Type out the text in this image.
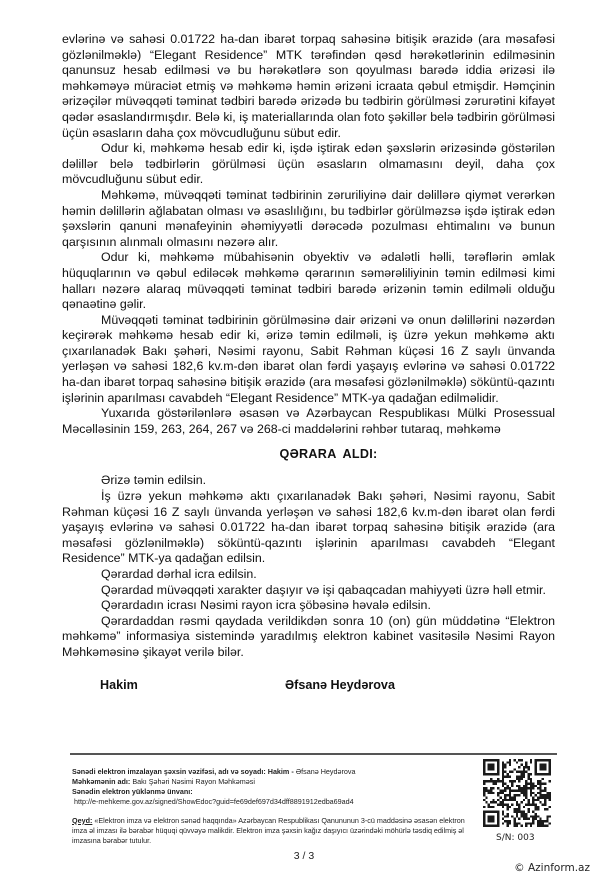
evlərinə və sahəsi 0.01722 ha-dan ibarət torpaq sahəsinə bitişik ərazidə (ara məsafəsi gözlənilməklə) “Elegant Residence” MTK tərəfindən qəsd hərəkətlərinin edilməsinin qanunsuz hesab edilməsi və bu hərəkətlərə son qoyulması barədə iddia ərizəsi ilə məhkəməyə müraciət etmiş və məhkəmə həmin ərizəni icraata qəbul etmişdir. Həmçinin ərizəçilər müvəqqəti təminat tədbiri barədə ərizədə bu tədbirin görülməsi zərurətini kifayət qədər əsaslandırmışdır. Belə ki, iş materiallarında olan foto şəkillər belə tədbirin görülməsi üçün əsasların daha çox mövcudluğunu sübut edir.

Odur ki, məhkəmə hesab edir ki, işdə iştirak edən şəxslərin ərizəsində göstərilən dəlillər belə tədbirlərin görülməsi üçün əsasların olmamasını deyil, daha çox mövcudluğunu sübut edir.

Məhkəmə, müvəqqəti təminat tədbirinin zəruriliyinə dair dəlillərə qiymət verərkən həmin dəlillərin ağlabatan olması və əsaslılığını, bu tədbirlər görülməzsə işdə iştirak edən şəxslərin qanuni mənafeyinin əhəmiyyətli dərəcədə pozulması ehtimalını və bunun qarşısının alınmalı olmasını nəzərə alır.

Odur ki, məhkəmə mübahisənin obyektiv və ədalətli həlli, tərəflərin əmlak hüquqlarının və qəbul ediləcək məhkəmə qərarının səmərəliliyinin təmin edilməsi kimi halları nəzərə alaraq müvəqqəti təminat tədbiri barədə ərizənin təmin edilməli olduğu qənaətinə gəlir.

Müvəqqəti təminat tədbirinin görülməsinə dair ərizəni və onun dəlillərini nəzərdən keçirərək məhkəmə hesab edir ki, ərizə təmin edilməli, iş üzrə yekun məhkəmə aktı çıxarılanadək Bakı şəhəri, Nəsimi rayonu, Sabit Rəhman küçəsi 16 Z saylı ünvanda yerləşən və sahəsi 182,6 kv.m-dən ibarət olan fərdi yaşayış evlərinə və sahəsi 0.01722 ha-dan ibarət torpaq sahəsinə bitişik ərazidə (ara məsafəsi gözlənilməklə) söküntü-qazıntı işlərinin aparılması cavabdeh “Elegant Residence” MTK-ya qadağan edilməlidir.

Yuxarıda göstərilənlərə əsasən və Azərbaycan Respublikası Mülki Prosessual Məcəlləsinin 159, 263, 264, 267 və 268-ci maddələrini rəhbər tutaraq, məhkəmə

QƏRARA ALDI:

Ərizə təmin edilsin.

İş üzrə yekun məhkəmə aktı çıxarılanadək Bakı şəhəri, Nəsimi rayonu, Sabit Rəhman küçəsi 16 Z saylı ünvanda yerləşən və sahəsi 182,6 kv.m-dən ibarət olan fərdi yaşayış evlərinə və sahəsi 0.01722 ha-dan ibarət torpaq sahəsinə bitişik ərazidə (ara məsafəsi gözlənilməklə) söküntü-qazıntı işlərinin aparılması cavabdeh “Elegant Residence” MTK-ya qadağan edilsin.

Qərardad dərhal icra edilsin.

Qərardad müvəqqəti xarakter daşıyır və işi qabaqcadan mahiyyəti üzrə həll etmir.

Qərardadın icrası Nəsimi rayon icra şöbəsinə həvalə edilsin.

Qərardaddan rəsmi qaydada verildikdən sonra 10 (on) gün müddətinə “Elektron məhkəmə” informasiya sistemində yaradılmış elektron kabinet vasitəsilə Nəsimi Rayon Məhkəməsinə şikayət verilə bilər.

Hakim	Əfsanə Heydərova
Sənədi elektron imzalayan şəxsin vəzifəsi, adı və soyadı: Hakim - Əfsanə Heydərova
Məhkəmənin adı: Bakı Şəhəri Nəsimi Rayon Məhkəməsi
Sənədin elektron yüklənmə ünvanı:
http://e-mehkeme.gov.az/signed/ShowEdoc?guid=fe69def697d34dff8891912edba69ad4
Qeyd: «Elektron imza və elektron sənəd haqqında» Azərbaycan Respublikası Qanununun 3-cü maddəsinə əsasən elektron imza əl imzası ilə bərabər hüquqi qüvvəyə malikdir. Elektron imza şəxsin kağız daşıyıcı üzərindəki möhürlə təsdiq edilmiş əl imzasına bərabər tutulur.	S/N: 003
3 / 3
© Azinform.az
